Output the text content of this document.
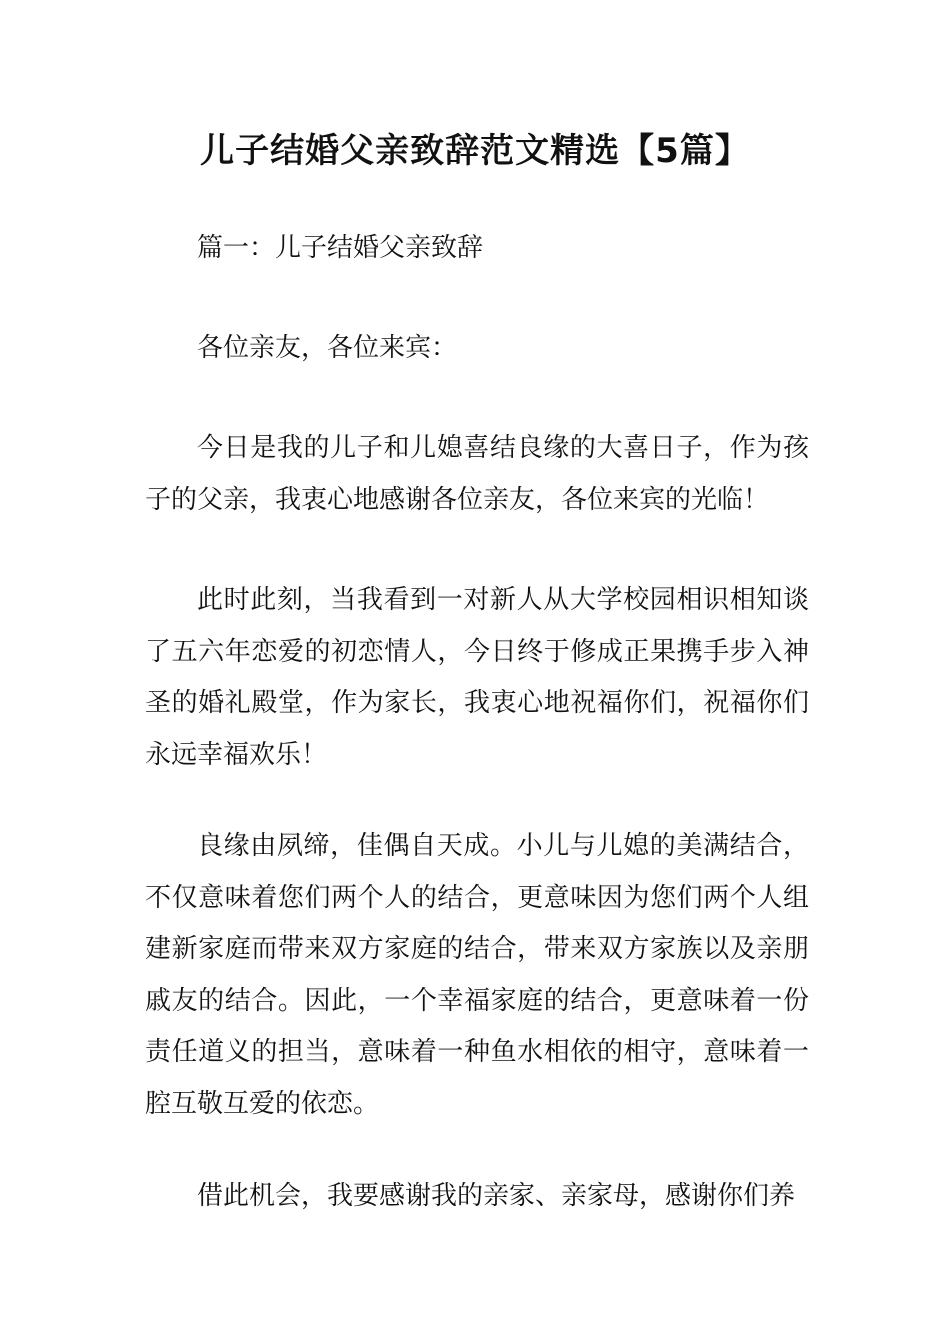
儿子结婚父亲致辞范文精选【5篇】

篇一：儿子结婚父亲致辞

各位亲友，各位来宾：

今日是我的儿子和儿媳喜结良缘的大喜日子，作为孩子的父亲，我衷心地感谢各位亲友，各位来宾的光临！

此时此刻，当我看到一对新人从大学校园相识相知谈了五六年恋爱的初恋情人，今日终于修成正果携手步入神圣的婚礼殿堂，作为家长，我衷心地祝福你们，祝福你们永远幸福欢乐！

良缘由夙缔，佳偶自天成。小儿与儿媳的美满结合，不仅意味着您们两个人的结合，更意味因为您们两个人组建新家庭而带来双方家庭的结合，带来双方家族以及亲朋戚友的结合。因此，一个幸福家庭的结合，更意味着一份责任道义的担当，意味着一种鱼水相依的相守，意味着一腔互敬互爱的依恋。

借此机会，我要感谢我的亲家、亲家母，感谢你们养
